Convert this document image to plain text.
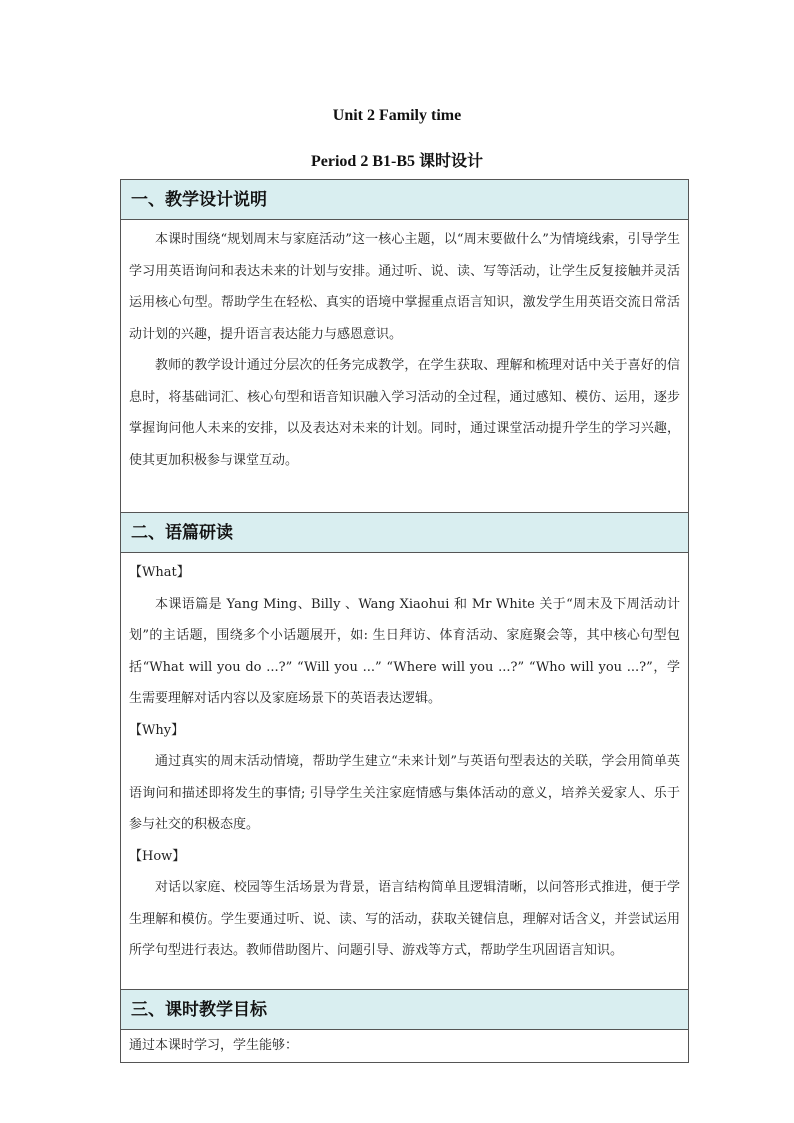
Unit 2 Family time
Period 2 B1-B5 课时设计
一、教学设计说明

本课时围绕“规划周末与家庭活动”这一核心主题，以“周末要做什么”为情境线索，引导学生学习用英语询问和表达未来的计划与安排。通过听、说、读、写等活动，让学生反复接触并灵活运用核心句型。帮助学生在轻松、真实的语境中掌握重点语言知识，激发学生用英语交流日常活动计划的兴趣，提升语言表达能力与感恩意识。

教师的教学设计通过分层次的任务完成教学，在学生获取、理解和梳理对话中关于喜好的信息时，将基础词汇、核心句型和语音知识融入学习活动的全过程，通过感知、模仿、运用，逐步掌握询问他人未来的安排，以及表达对未来的计划。同时，通过课堂活动提升学生的学习兴趣，使其更加积极参与课堂互动。

二、语篇研读

【What】

本课语篇是 Yang Ming、Billy 、Wang Xiaohui 和 Mr White 关于“周末及下周活动计划”的主话题，围绕多个小话题展开，如: 生日拜访、体育活动、家庭聚会等，其中核心句型包括“What will you do ...?” “Will you ...” “Where will you ...?” “Who will you ...?”，学生需要理解对话内容以及家庭场景下的英语表达逻辑。

【Why】

通过真实的周末活动情境，帮助学生建立“未来计划”与英语句型表达的关联，学会用简单英语询问和描述即将发生的事情; 引导学生关注家庭情感与集体活动的意义，培养关爱家人、乐于参与社交的积极态度。

【How】

对话以家庭、校园等生活场景为背景，语言结构简单且逻辑清晰，以问答形式推进，便于学生理解和模仿。学生要通过听、说、读、写的活动，获取关键信息，理解对话含义，并尝试运用所学句型进行表达。教师借助图片、问题引导、游戏等方式，帮助学生巩固语言知识。

三、课时教学目标

通过本课时学习，学生能够：
